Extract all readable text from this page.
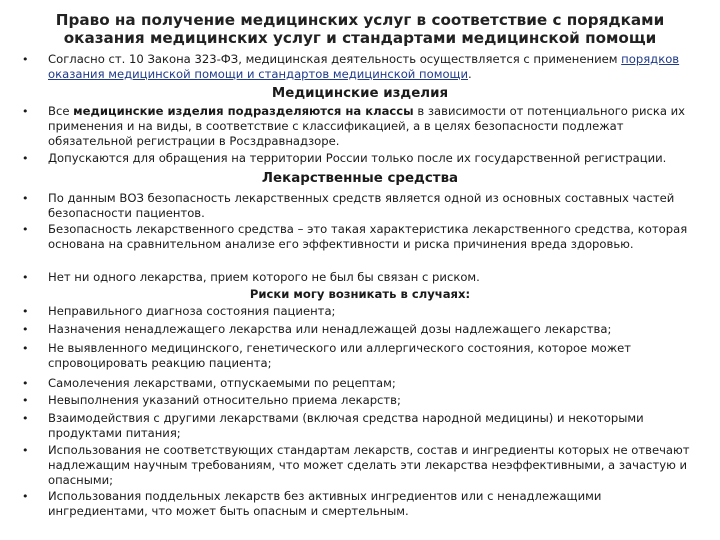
Право на получение медицинских услуг в соответствие с порядками оказания медицинских услуг и стандартами медицинской помощи
• Согласно ст. 10 Закона 323-ФЗ, медицинская деятельность осуществляется с применением порядков оказания медицинской помощи и стандартов медицинской помощи.
Медицинские изделия
• Все медицинские изделия подразделяются на классы в зависимости от потенциального риска их применения и на виды, в соответствие с классификацией, а в целях безопасности подлежат обязательной регистрации в Росздравнадзоре.
• Допускаются для обращения на территории России только после их государственной регистрации.
Лекарственные средства
• По данным ВОЗ безопасность лекарственных средств является одной из основных составных частей безопасности пациентов.
• Безопасность лекарственного средства – это такая характеристика лекарственного средства, которая основана на сравнительном анализе его эффективности и риска причинения вреда здоровью.
• Нет ни одного лекарства, прием которого не был бы связан с риском.
Риски могу возникать в случаях:
• Неправильного диагноза состояния пациента;
• Назначения ненадлежащего лекарства или ненадлежащей дозы надлежащего лекарства;
• Не выявленного медицинского, генетического или аллергического состояния, которое может спровоцировать реакцию пациента;
• Самолечения лекарствами, отпускаемыми по рецептам;
• Невыполнения указаний относительно приема лекарств;
• Взаимодействия с другими лекарствами (включая средства народной медицины) и некоторыми продуктами питания;
• Использования не соответствующих стандартам лекарств, состав и ингредиенты которых не отвечают надлежащим научным требованиям, что может сделать эти лекарства неэффективными, а зачастую и опасными;
• Использования поддельных лекарств без активных ингредиентов или с ненадлежащими ингредиентами, что может быть опасным и смертельным.
